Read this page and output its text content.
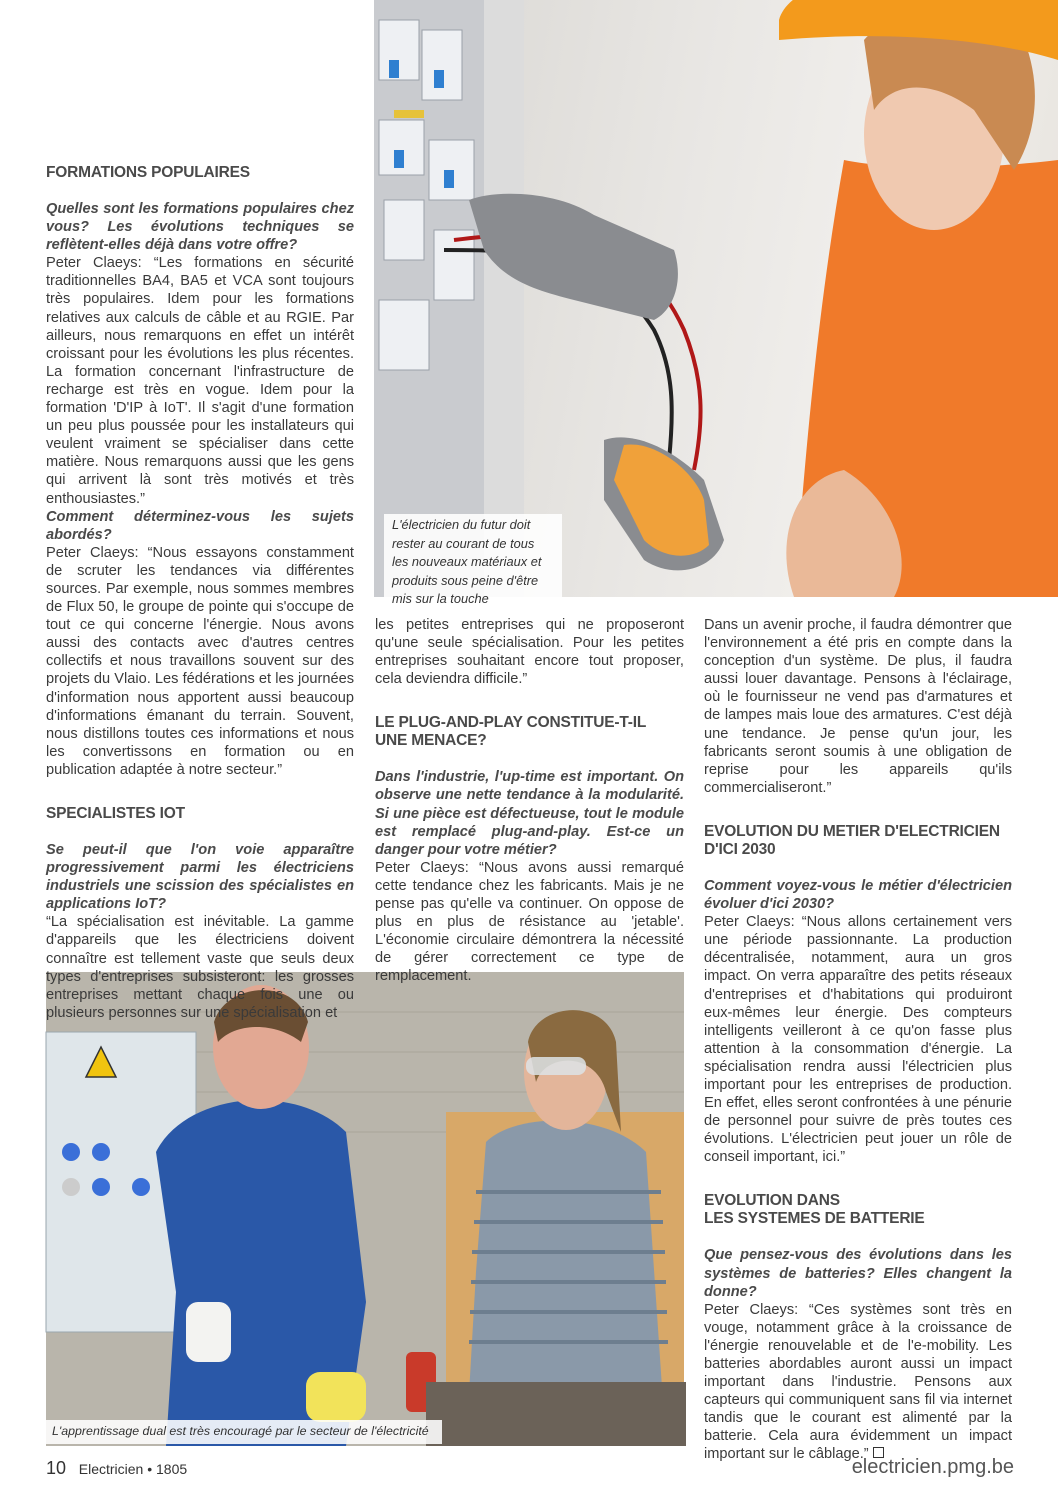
L'électricien du futur doit rester au courant de tous les nouveaux matériaux et produits sous peine d'être mis sur la touche
L'apprentissage dual est très encouragé par le secteur de l'électricité
FORMATIONS POPULAIRES

Quelles sont les formations populaires chez vous? Les évolutions techniques se reflètent-elles déjà dans votre offre?

Peter Claeys: “Les formations en sécurité traditionnelles BA4, BA5 et VCA sont toujours très populaires. Idem pour les formations relatives aux calculs de câble et au RGIE. Par ailleurs, nous remarquons en effet un intérêt croissant pour les évolutions les plus récentes. La formation concernant l'infrastructure de recharge est très en vogue. Idem pour la formation 'D'IP à IoT'. Il s'agit d'une formation un peu plus poussée pour les installateurs qui veulent vraiment se spécialiser dans cette matière. Nous remarquons aussi que les gens qui arrivent là sont très motivés et très enthousiastes.”

Comment déterminez-vous les sujets abordés?

Peter Claeys: “Nous essayons constamment de scruter les tendances via différentes sources. Par exemple, nous sommes membres de Flux 50, le groupe de pointe qui s'occupe de tout ce qui concerne l'énergie. Nous avons aussi des contacts avec d'autres centres collectifs et nous travaillons souvent sur des projets du Vlaio. Les fédérations et les journées d'information nous apportent aussi beaucoup d'informations émanant du terrain. Souvent, nous distillons toutes ces informations et nous les convertissons en formation ou en publication adaptée à notre secteur.”

SPECIALISTES IOT

Se peut-il que l'on voie apparaître progressivement parmi les électriciens industriels une scission des spécialistes en applications IoT?

“La spécialisation est inévitable. La gamme d'appareils que les électriciens doivent connaître est tellement vaste que seuls deux types d'entreprises subsisteront: les grosses entreprises mettant chaque fois une ou plusieurs personnes sur une spécialisation et

les petites entreprises qui ne proposeront qu'une seule spécialisation. Pour les petites entreprises souhaitant encore tout proposer, cela deviendra difficile.”

LE PLUG-AND-PLAY CONSTITUE-T-IL
UNE MENACE?

Dans l'industrie, l'up-time est important. On observe une nette tendance à la modularité. Si une pièce est défectueuse, tout le module est remplacé plug-and-play. Est-ce un danger pour votre métier?

Peter Claeys: “Nous avons aussi remarqué cette tendance chez les fabricants. Mais je ne pense pas qu'elle va continuer. On oppose de plus en plus de résistance au 'jetable'. L'économie circulaire démontrera la nécessité de gérer correctement ce type de remplacement.

Dans un avenir proche, il faudra démontrer que l'environnement a été pris en compte dans la conception d'un système. De plus, il faudra aussi louer davantage. Pensons à l'éclairage, où le fournisseur ne vend pas d'armatures et de lampes mais loue des armatures. C'est déjà une tendance. Je pense qu'un jour, les fabricants seront soumis à une obligation de reprise pour les appareils qu'ils commercialiseront.”

EVOLUTION DU METIER D'ELECTRICIEN
D'ICI 2030

Comment voyez-vous le métier d'électricien évoluer d'ici 2030?

Peter Claeys: “Nous allons certainement vers une période passionnante. La production décentralisée, notamment, aura un gros impact. On verra apparaître des petits réseaux d'entreprises et d'habitations qui produiront eux-mêmes leur énergie. Des compteurs intelligents veilleront à ce qu'on fasse plus attention à la consommation d'énergie. La spécialisation rendra aussi l'électricien plus important pour les entreprises de production. En effet, elles seront confrontées à une pénurie de personnel pour suivre de près toutes ces évolutions. L'électricien peut jouer un rôle de conseil important, ici.”

EVOLUTION DANS
LES SYSTEMES DE BATTERIE

Que pensez-vous des évolutions dans les systèmes de batteries? Elles changent la donne?

Peter Claeys: “Ces systèmes sont très en vouge, notamment grâce à la croissance de l'énergie renouvelable et de l'e-mobility. Les batteries abordables auront aussi un impact important dans l'industrie. Pensons aux capteurs qui communiquent sans fil via internet tandis que le courant est alimenté par la batterie. Cela aura évidemment un impact important sur le câblage.”

10 Electricien • 1805	electricien.pmg.be
